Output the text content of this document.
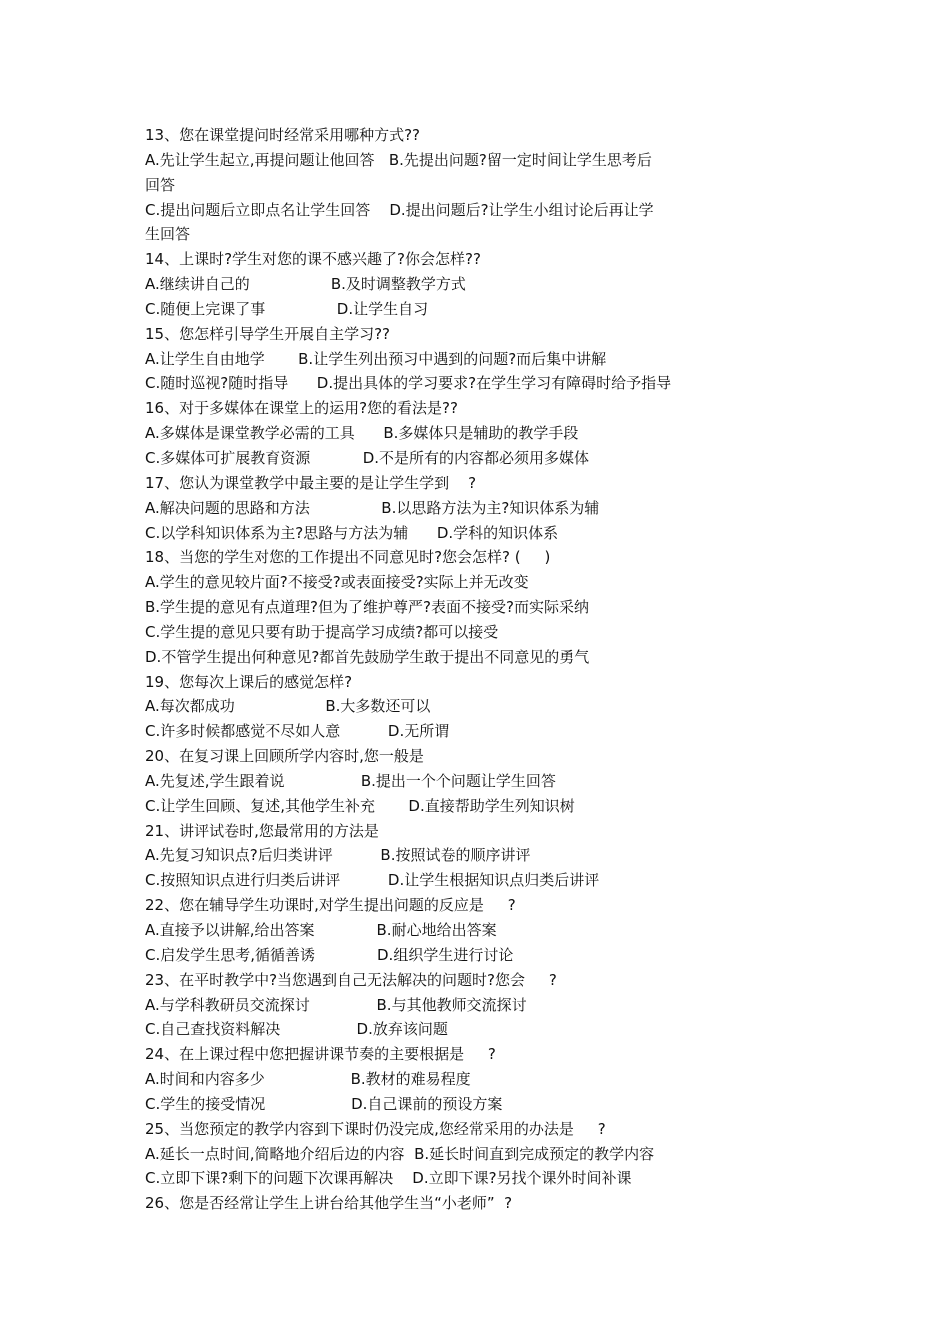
13、您在课堂提问时经常采用哪种方式??
A.先让学生起立,再提问题让他回答   B.先提出问题?留一定时间让学生思考后
回答
C.提出问题后立即点名让学生回答    D.提出问题后?让学生小组讨论后再让学
生回答
14、上课时?学生对您的课不感兴趣了?你会怎样??
A.继续讲自己的                 B.及时调整教学方式
C.随便上完课了事               D.让学生自习
15、您怎样引导学生开展自主学习??
A.让学生自由地学       B.让学生列出预习中遇到的问题?而后集中讲解
C.随时巡视?随时指导      D.提出具体的学习要求?在学生学习有障碍时给予指导
16、对于多媒体在课堂上的运用?您的看法是??
A.多媒体是课堂教学必需的工具      B.多媒体只是辅助的教学手段
C.多媒体可扩展教育资源           D.不是所有的内容都必须用多媒体
17、您认为课堂教学中最主要的是让学生学到    ?
A.解决问题的思路和方法               B.以思路方法为主?知识体系为辅
C.以学科知识体系为主?思路与方法为辅      D.学科的知识体系
18、当您的学生对您的工作提出不同意见时?您会怎样? (     )
A.学生的意见较片面?不接受?或表面接受?实际上并无改变
B.学生提的意见有点道理?但为了维护尊严?表面不接受?而实际采纳
C.学生提的意见只要有助于提高学习成绩?都可以接受
D.不管学生提出何种意见?都首先鼓励学生敢于提出不同意见的勇气
19、您每次上课后的感觉怎样?
A.每次都成功                   B.大多数还可以
C.许多时候都感觉不尽如人意          D.无所谓
20、在复习课上回顾所学内容时,您一般是
A.先复述,学生跟着说                B.提出一个个问题让学生回答
C.让学生回顾、复述,其他学生补充       D.直接帮助学生列知识树
21、讲评试卷时,您最常用的方法是
A.先复习知识点?后归类讲评          B.按照试卷的顺序讲评
C.按照知识点进行归类后讲评          D.让学生根据知识点归类后讲评
22、您在辅导学生功课时,对学生提出问题的反应是     ?
A.直接予以讲解,给出答案             B.耐心地给出答案
C.启发学生思考,循循善诱             D.组织学生进行讨论
23、在平时教学中?当您遇到自己无法解决的问题时?您会     ?
A.与学科教研员交流探讨              B.与其他教师交流探讨
C.自己查找资料解决                D.放弃该问题
24、在上课过程中您把握讲课节奏的主要根据是     ?
A.时间和内容多少                  B.教材的难易程度
C.学生的接受情况                  D.自己课前的预设方案
25、当您预定的教学内容到下课时仍没完成,您经常采用的办法是     ?
A.延长一点时间,简略地介绍后边的内容  B.延长时间直到完成预定的教学内容
C.立即下课?剩下的问题下次课再解决    D.立即下课?另找个课外时间补课
26、您是否经常让学生上讲台给其他学生当“小老师”  ?
